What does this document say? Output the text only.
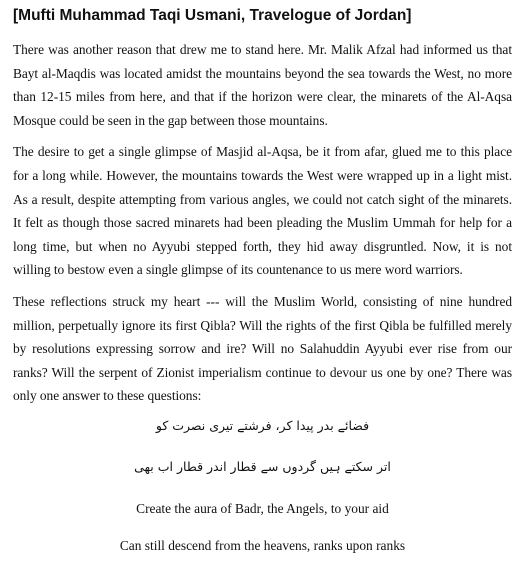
[Mufti Muhammad Taqi Usmani, Travelogue of Jordan]

There was another reason that drew me to stand here. Mr. Malik Afzal had informed us that Bayt al-Maqdis was located amidst the mountains beyond the sea towards the West, no more than 12-15 miles from here, and that if the horizon were clear, the minarets of the Al-Aqsa Mosque could be seen in the gap between those mountains.

The desire to get a single glimpse of Masjid al-Aqsa, be it from afar, glued me to this place for a long while. However, the mountains towards the West were wrapped up in a light mist. As a result, despite attempting from various angles, we could not catch sight of the minarets. It felt as though those sacred minarets had been pleading the Muslim Ummah for help for a long time, but when no Ayyubi stepped forth, they hid away disgruntled. Now, it is not willing to bestow even a single glimpse of its countenance to us mere word warriors.

These reflections struck my heart --- will the Muslim World, consisting of nine hundred million, perpetually ignore its first Qibla? Will the rights of the first Qibla be fulfilled merely by resolutions expressing sorrow and ire? Will no Salahuddin Ayyubi ever rise from our ranks? Will the serpent of Zionist imperialism continue to devour us one by one? There was only one answer to these questions:

فضائے بدر پیدا کر، فرشتے تیری نصرت کو

اتر سکتے ہیں گردوں سے قطار اندر قطار اب بھی

Create the aura of Badr, the Angels, to your aid

Can still descend from the heavens, ranks upon ranks
